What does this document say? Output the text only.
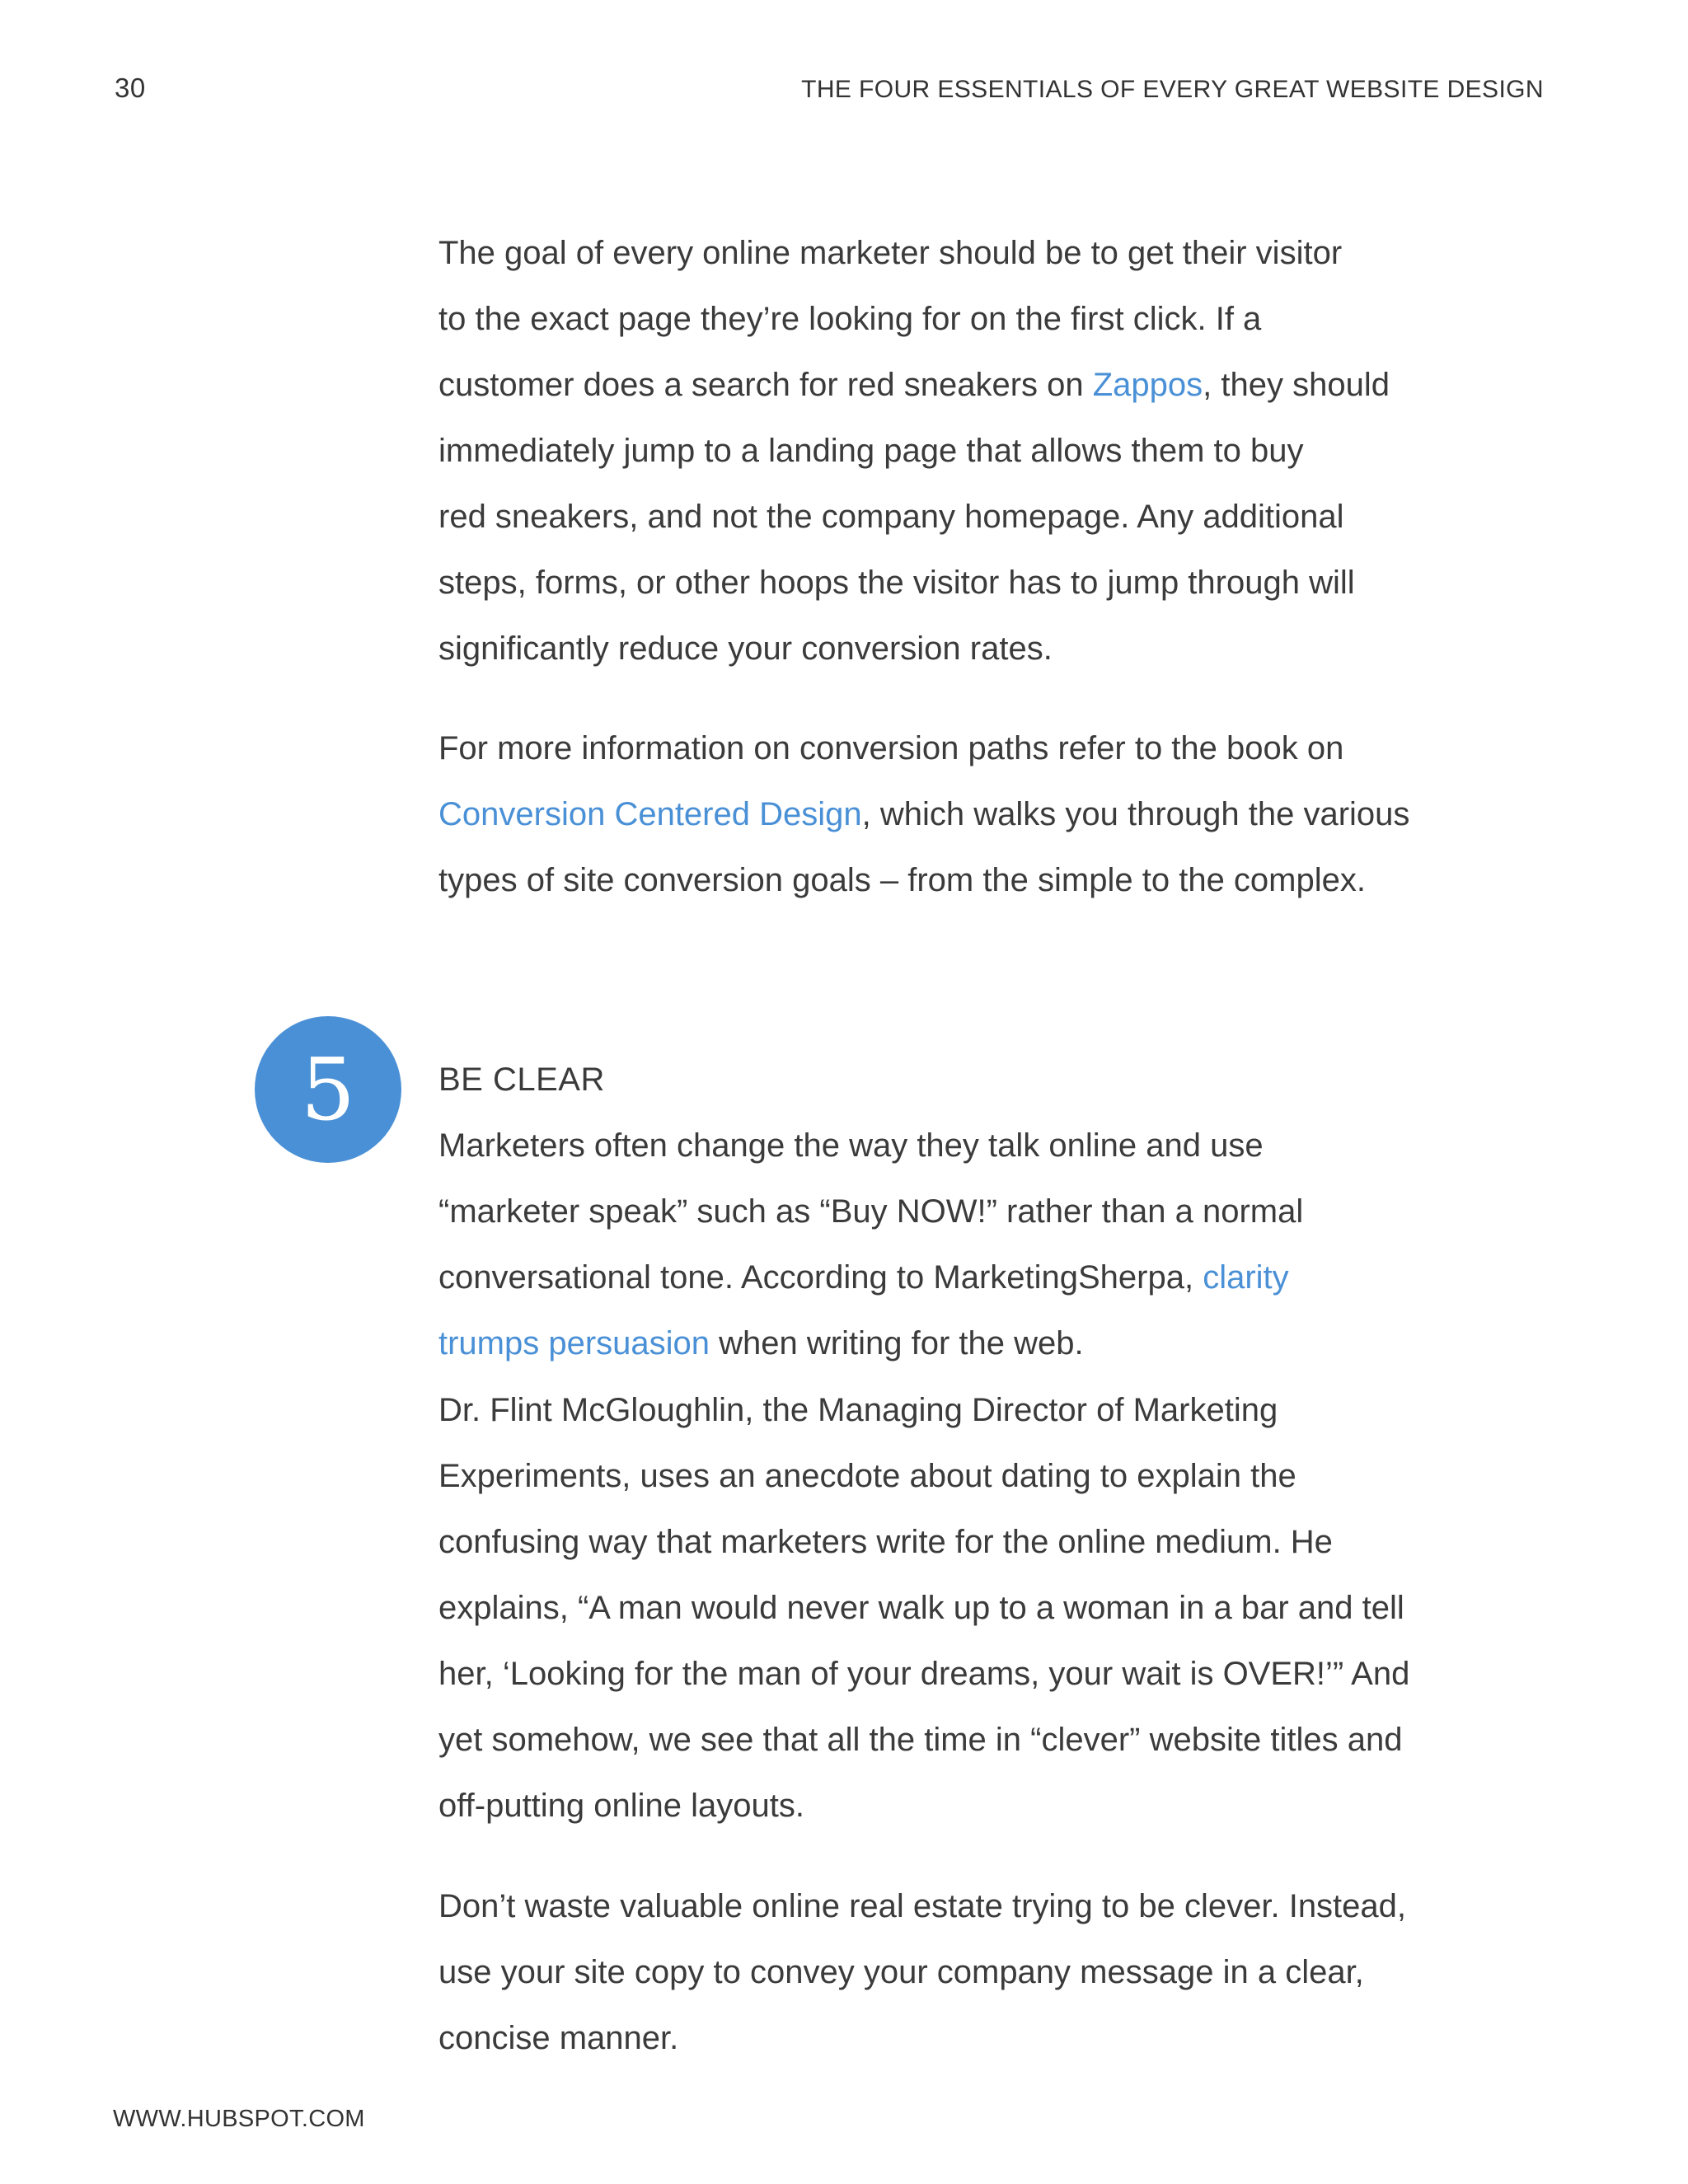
30	THE FOUR ESSENTIALS OF EVERY GREAT WEBSITE DESIGN

The goal of every online marketer should be to get their visitor
to the exact page they’re looking for on the first click. If a
customer does a search for red sneakers on Zappos, they should
immediately jump to a landing page that allows them to buy
red sneakers, and not the company homepage. Any additional
steps, forms, or other hoops the visitor has to jump through will
significantly reduce your conversion rates.

For more information on conversion paths refer to the book on
Conversion Centered Design, which walks you through the various
types of site conversion goals – from the simple to the complex.

5	BE CLEAR

Marketers often change the way they talk online and use
“marketer speak” such as “Buy NOW!” rather than a normal
conversational tone. According to MarketingSherpa, clarity
trumps persuasion when writing for the web.

Dr. Flint McGloughlin, the Managing Director of Marketing
Experiments, uses an anecdote about dating to explain the
confusing way that marketers write for the online medium. He
explains, “A man would never walk up to a woman in a bar and tell
her, ‘Looking for the man of your dreams, your wait is OVER!’” And
yet somehow, we see that all the time in “clever” website titles and
off-putting online layouts.

Don’t waste valuable online real estate trying to be clever. Instead,
use your site copy to convey your company message in a clear,
concise manner.

WWW.HUBSPOT.COM
